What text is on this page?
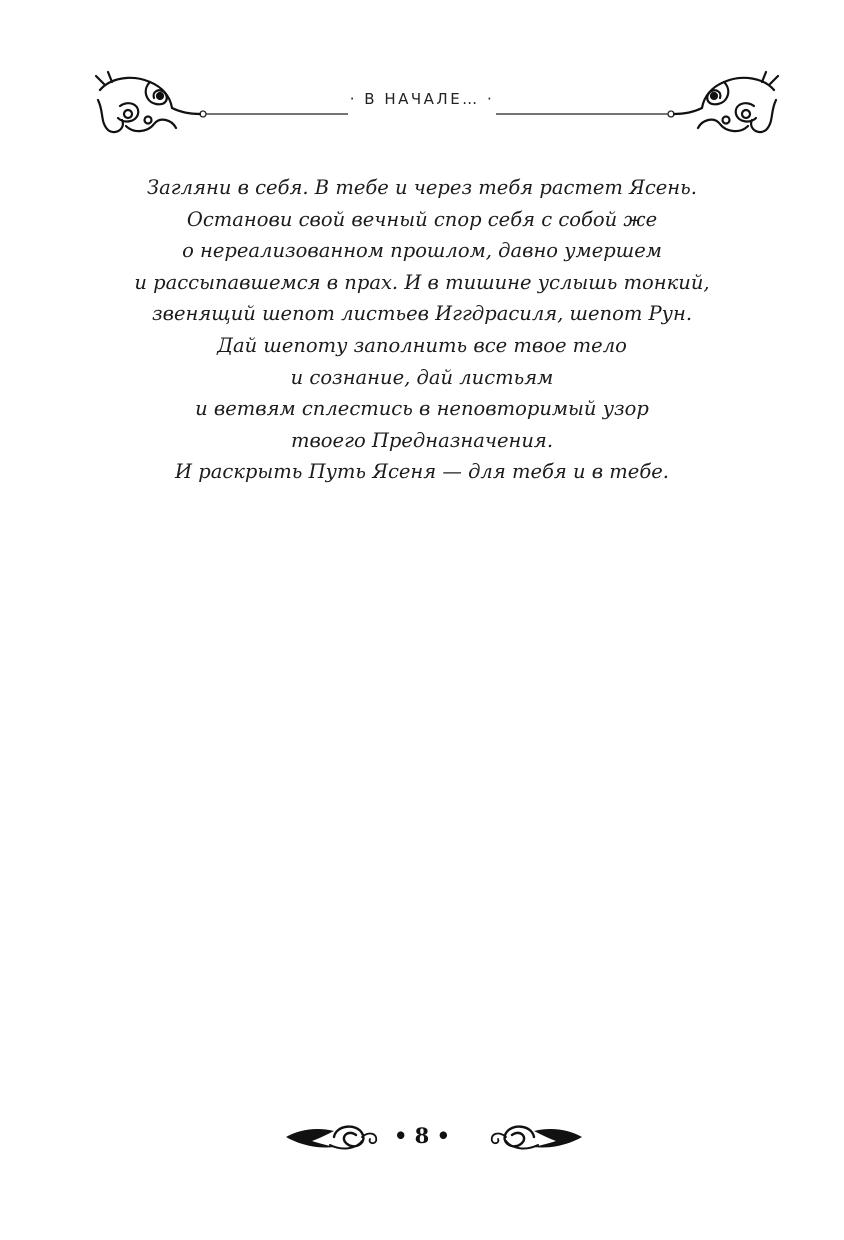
· В НАЧАЛЕ… ·
Загляни в себя. В тебе и через тебя растет Ясень.
Останови свой вечный спор себя с собой же
о нереализованном прошлом, давно умершем
и рассыпавшемся в прах. И в тишине услышь тонкий,
звенящий шепот листьев Иггдрасиля, шепот Рун.
Дай шепоту заполнить все твое тело
и сознание, дай листьям
и ветвям сплестись в неповторимый узор
твоего Предназначения.
И раскрыть Путь Ясеня — для тебя и в тебе.
• 8 •
